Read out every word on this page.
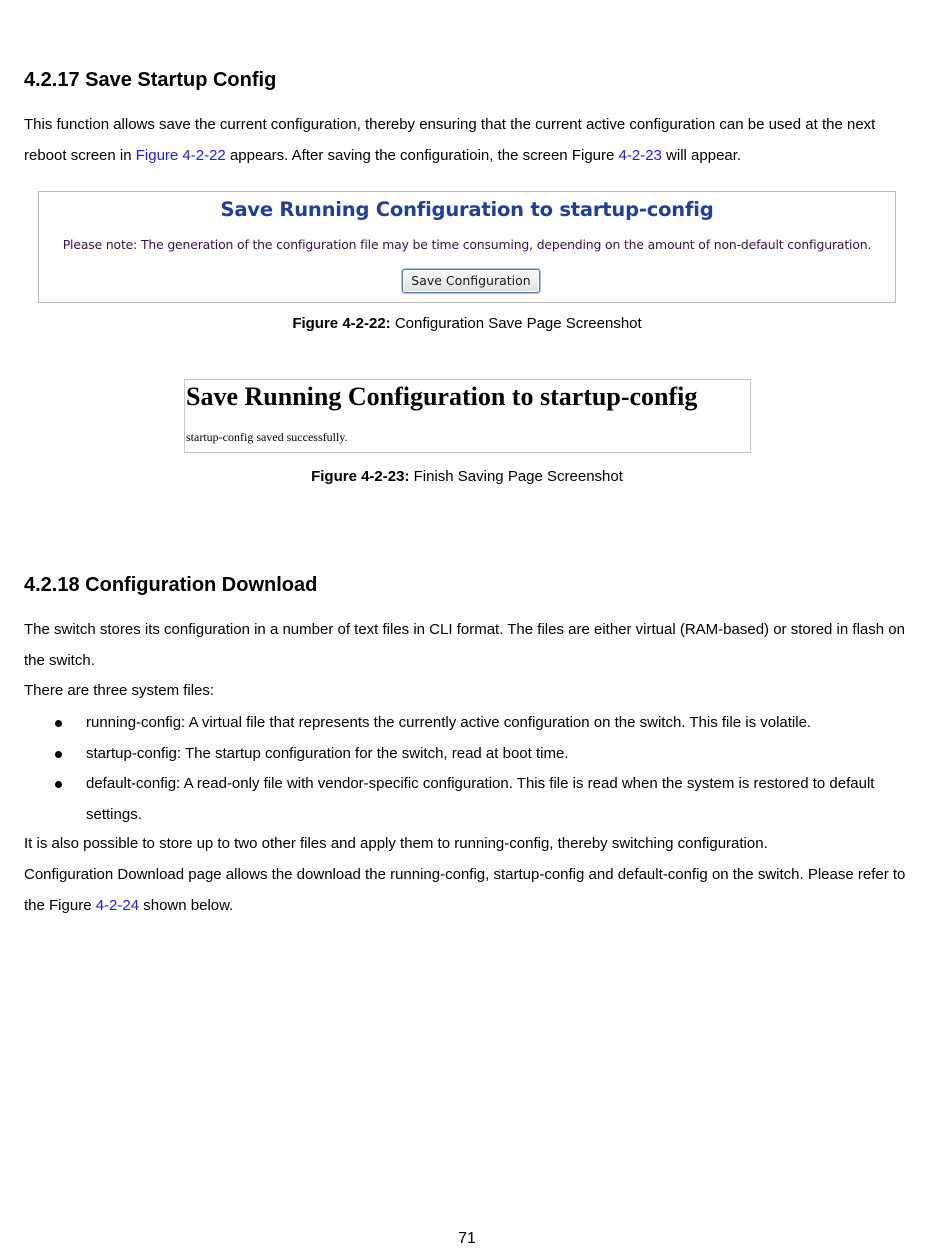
4.2.17 Save Startup Config

This function allows save the current configuration, thereby ensuring that the current active configuration can be used at the next reboot screen in Figure 4-2-22 appears. After saving the configuratioin, the screen Figure 4-2-23 will appear.

Save Running Configuration to startup-config
Please note: The generation of the configuration file may be time consuming, depending on the amount of non-default configuration.
Save Configuration
Figure 4-2-22: Configuration Save Page Screenshot
Save Running Configuration to startup-config
startup-config saved successfully.
Figure 4-2-23: Finish Saving Page Screenshot
4.2.18 Configuration Download

The switch stores its configuration in a number of text files in CLI format. The files are either virtual (RAM-based) or stored in flash on the switch.

There are three system files:

running-config: A virtual file that represents the currently active configuration on the switch. This file is volatile.
startup-config: The startup configuration for the switch, read at boot time.
default-config: A read-only file with vendor-specific configuration. This file is read when the system is restored to default settings.

It is also possible to store up to two other files and apply them to running-config, thereby switching configuration.

Configuration Download page allows the download the running-config, startup-config and default-config on the switch. Please refer to the Figure 4-2-24 shown below.

71
